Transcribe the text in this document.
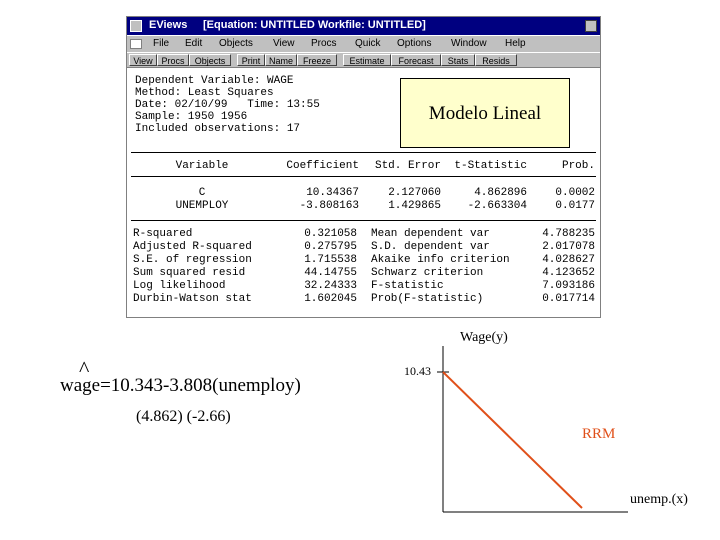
EViews [Equation: UNTITLED Workfile: UNTITLED]
File Edit Objects View Procs Quick Options Window Help
View Procs	Objects	Print Name	Freeze	Estimate	Forecast	Stats	Resids
Dependent Variable: WAGE
Method: Least Squares
Date: 02/10/99   Time: 13:55
Sample: 1950 1956
Included observations: 17
Variable	Coefficient	Std. Error	t-Statistic	Prob.
C	10.34367	2.127060	4.862896	0.0002
UNEMPLOY	-3.808163	1.429865	-2.663304	0.0177
R-squared	0.321058 Mean dependent var	4.788235
Adjusted R-squared	0.275795 S.D. dependent var	2.017078
S.E. of regression	1.715538 Akaike info criterion	4.028627
Sum squared resid	44.14755 Schwarz criterion	4.123652
Log likelihood	32.24333 F-statistic	7.093186
Durbin-Watson stat	1.602045 Prob(F-statistic)	0.017714
Modelo Lineal
^
wage=10.343-3.808(unemploy)
(4.862) (-2.66)
Wage(y)
10.43
RRM
unemp.(x)
